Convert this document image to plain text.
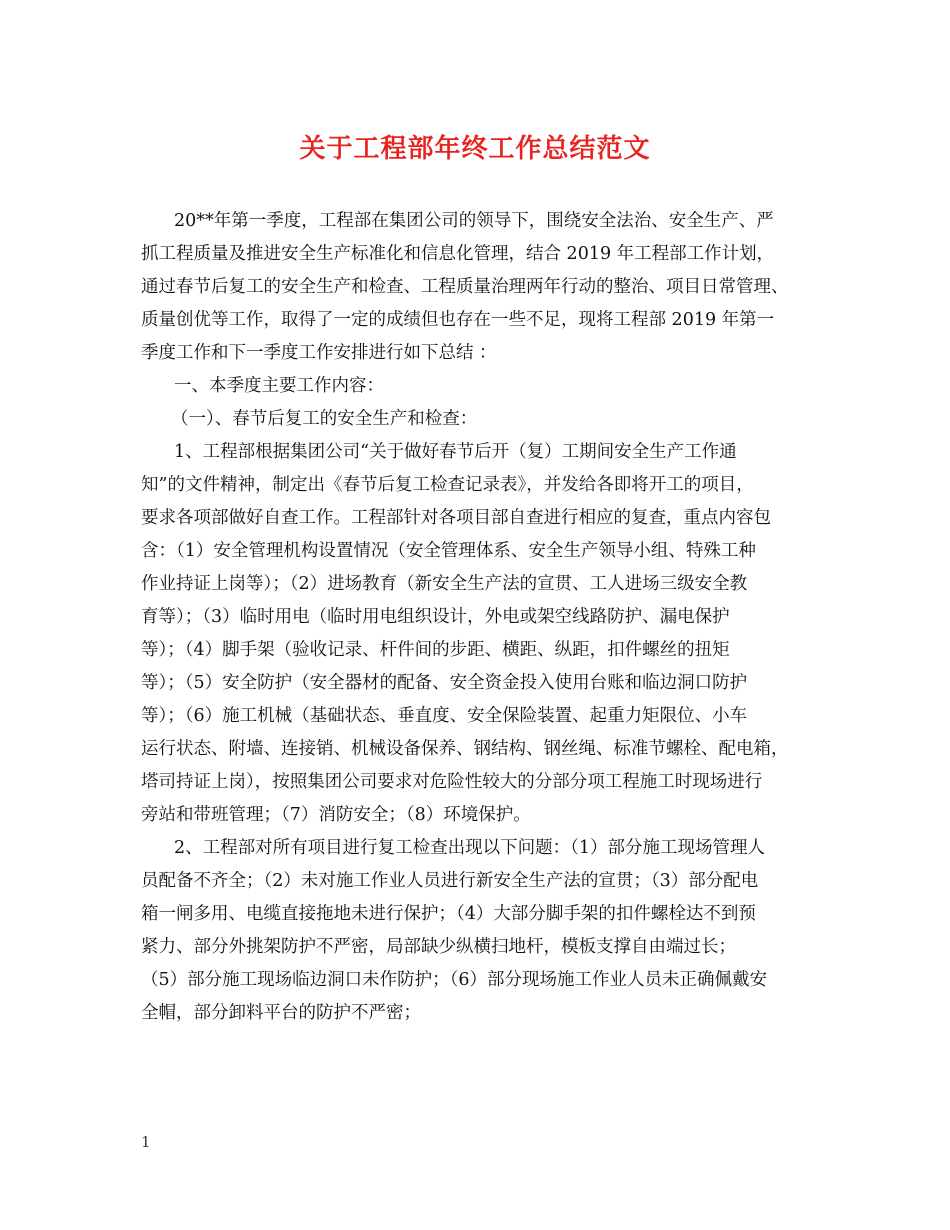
关于工程部年终工作总结范文
20**年第一季度，工程部在集团公司的领导下，围绕安全法治、安全生产、严
抓工程质量及推进安全生产标准化和信息化管理，结合 2019 年工程部工作计划，
通过春节后复工的安全生产和检查、工程质量治理两年行动的整治、项目日常管理、
质量创优等工作，取得了一定的成绩但也存在一些不足，现将工程部 2019 年第一
季度工作和下一季度工作安排进行如下总结 ：
一、本季度主要工作内容：
（一）、春节后复工的安全生产和检查：
1、工程部根据集团公司“关于做好春节后开（复）工期间安全生产工作通
知”的文件精神，制定出《春节后复工检查记录表》，并发给各即将开工的项目，
要求各项部做好自查工作。工程部针对各项目部自查进行相应的复查，重点内容包
含：（1）安全管理机构设置情况（安全管理体系、安全生产领导小组、特殊工种
作业持证上岗等）；（2）进场教育（新安全生产法的宣贯、工人进场三级安全教
育等）；（3）临时用电（临时用电组织设计，外电或架空线路防护、漏电保护
等）；（4）脚手架（验收记录、杆件间的步距、横距、纵距，扣件螺丝的扭矩
等）；（5）安全防护（安全器材的配备、安全资金投入使用台账和临边洞口防护
等）；（6）施工机械（基础状态、垂直度、安全保险装置、起重力矩限位、小车
运行状态、附墙、连接销、机械设备保养、钢结构、钢丝绳、标准节螺栓、配电箱，
塔司持证上岗），按照集团公司要求对危险性较大的分部分项工程施工时现场进行
旁站和带班管理；（7）消防安全；（8）环境保护。
2、工程部对所有项目进行复工检查出现以下问题：（1）部分施工现场管理人
员配备不齐全；（2）未对施工作业人员进行新安全生产法的宣贯；（3）部分配电
箱一闸多用、电缆直接拖地未进行保护；（4）大部分脚手架的扣件螺栓达不到预
紧力、部分外挑架防护不严密，局部缺少纵横扫地杆，模板支撑自由端过长；
（5）部分施工现场临边洞口未作防护；（6）部分现场施工作业人员未正确佩戴安
全帽，部分卸料平台的防护不严密；
1
